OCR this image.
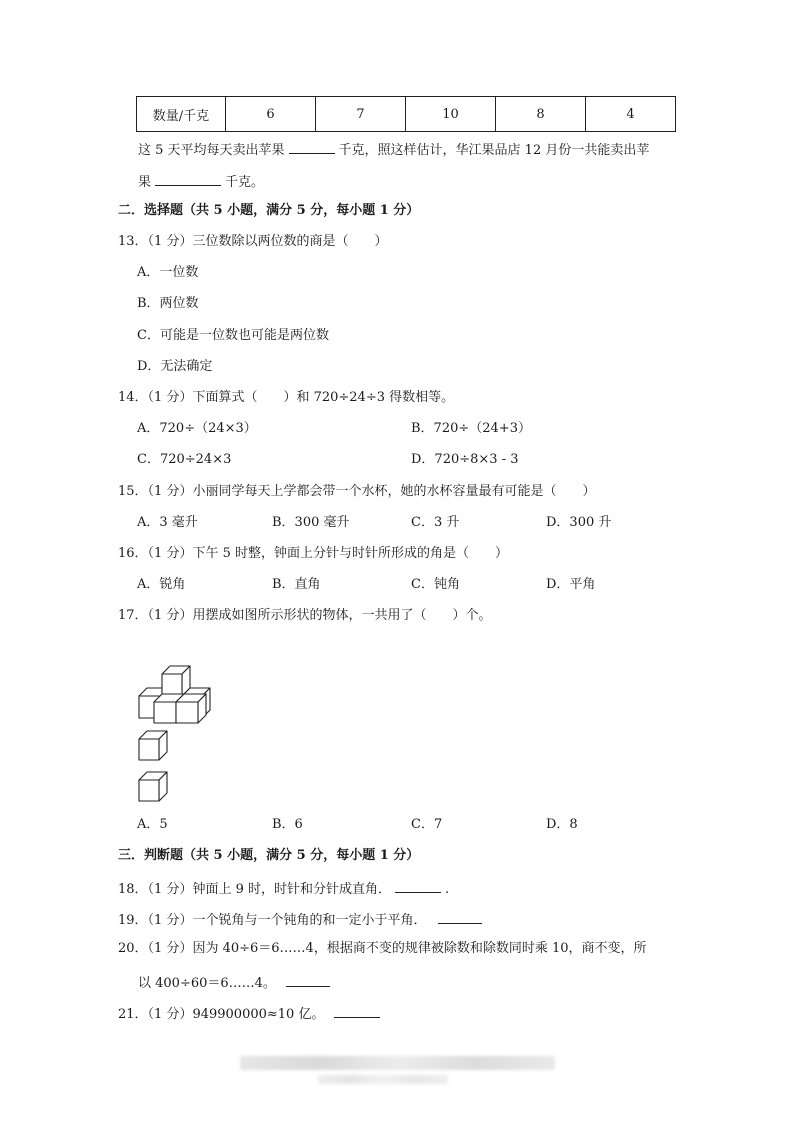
数量/千克	6	7	10	8	4
这 5 天平均每天卖出苹果	千克，照这样估计，华江果品店 12 月份一共能卖出苹
果	千克。
二．选择题（共 5 小题，满分 5 分，每小题 1 分）
13．（1 分）三位数除以两位数的商是（　　）
A．一位数
B．两位数
C．可能是一位数也可能是两位数
D．无法确定
14．（1 分）下面算式（　　）和 720÷24÷3 得数相等。
A．720÷（24×3）	B．720÷（24+3）
C．720÷24×3	D．720÷8×3 - 3
15．（1 分）小丽同学每天上学都会带一个水杯，她的水杯容量最有可能是（　　）
A．3 毫升	B．300 毫升	C．3 升	D．300 升
16．（1 分）下午 5 时整，钟面上分针与时针所形成的角是（　　）
A．锐角	B．直角	C．钝角	D．平角
17．（1 分）用摆成如图所示形状的物体，一共用了（　　）个。
A．5	B．6	C．7	D．8
三．判断题（共 5 小题，满分 5 分，每小题 1 分）
18．（1 分）钟面上 9 时，时针和分针成直角．	.
19．（1 分）一个锐角与一个钝角的和一定小于平角．
20．（1 分）因为 40÷6＝6……4，根据商不变的规律被除数和除数同时乘 10，商不变，所
以 400÷60＝6……4。
21．（1 分）949900000≈10 亿。
